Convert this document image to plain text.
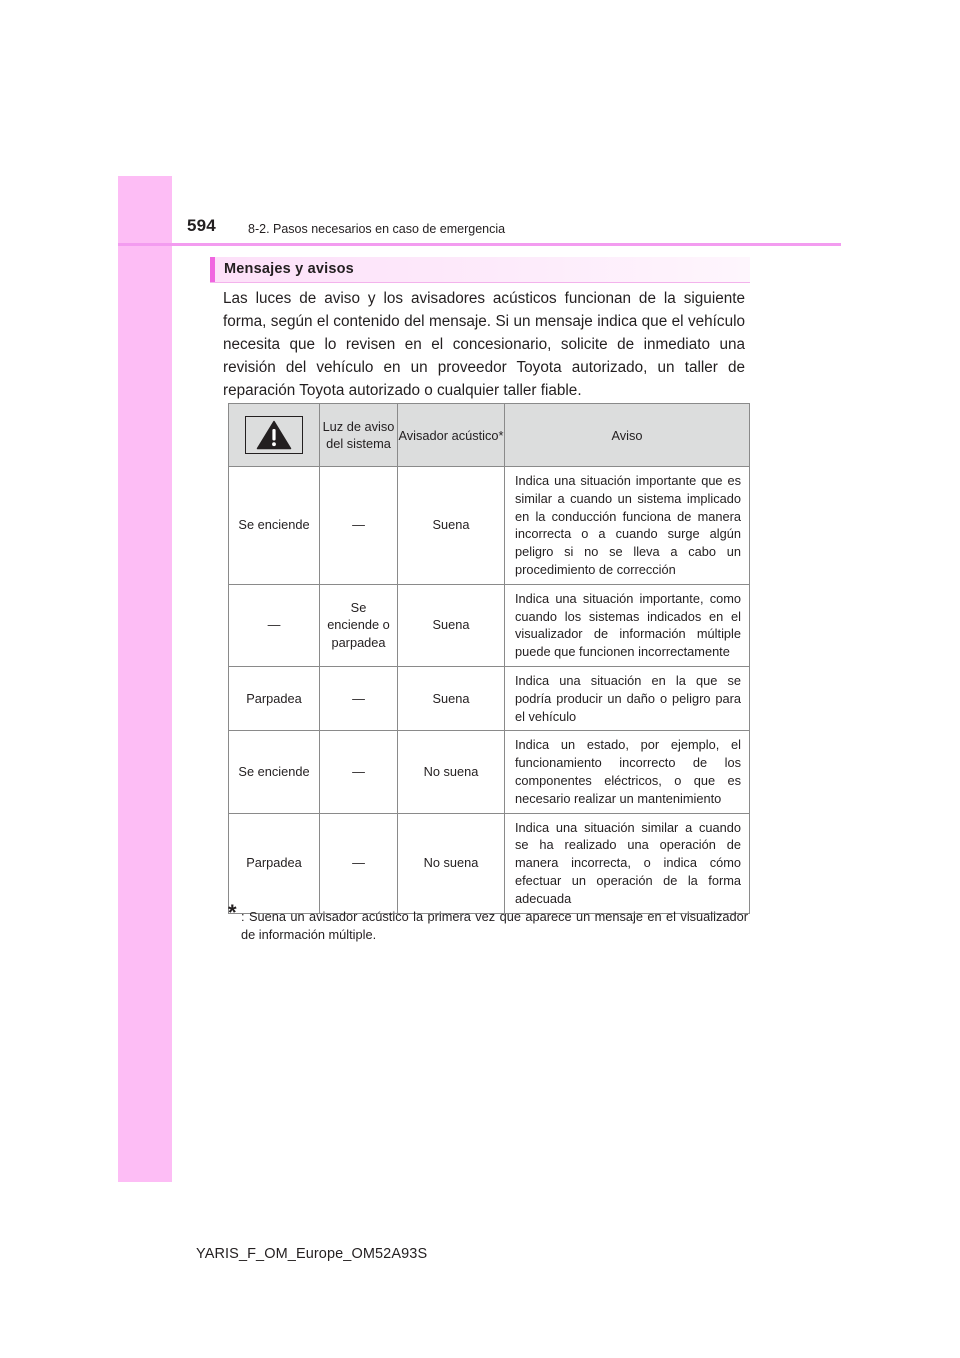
594	8-2. Pasos necesarios en caso de emergencia
Mensajes y avisos

Las luces de aviso y los avisadores acústicos funcionan de la siguiente forma, según el contenido del mensaje. Si un mensaje indica que el vehículo necesita que lo revisen en el concesionario, solicite de inmediato una revisión del vehículo en un proveedor Toyota autorizado, un taller de reparación Toyota autorizado o cualquier taller fiable.

	Luz de aviso del sistema	Avisador acústico*	Aviso
Se enciende	—	Suena	Indica una situación importante que es similar a cuando un sistema implicado en la conducción funciona de manera incorrecta o a cuando surge algún peligro si no se lleva a cabo un procedimiento de corrección
—	Se enciende o parpadea	Suena	Indica una situación importante, como cuando los sistemas indicados en el visualizador de información múltiple puede que funcionen incorrectamente
Parpadea	—	Suena	Indica una situación en la que se podría producir un daño o peligro para el vehículo
Se enciende	—	No suena	Indica un estado, por ejemplo, el funcionamiento incorrecto de los componentes eléctricos, o que es necesario realizar un mantenimiento
Parpadea	—	No suena	Indica una situación similar a cuando se ha realizado una operación de manera incorrecta, o indica cómo efectuar un operación de la forma adecuada
* : Suena un avisador acústico la primera vez que aparece un mensaje en el visualizador de información múltiple.
YARIS_F_OM_Europe_OM52A93S
